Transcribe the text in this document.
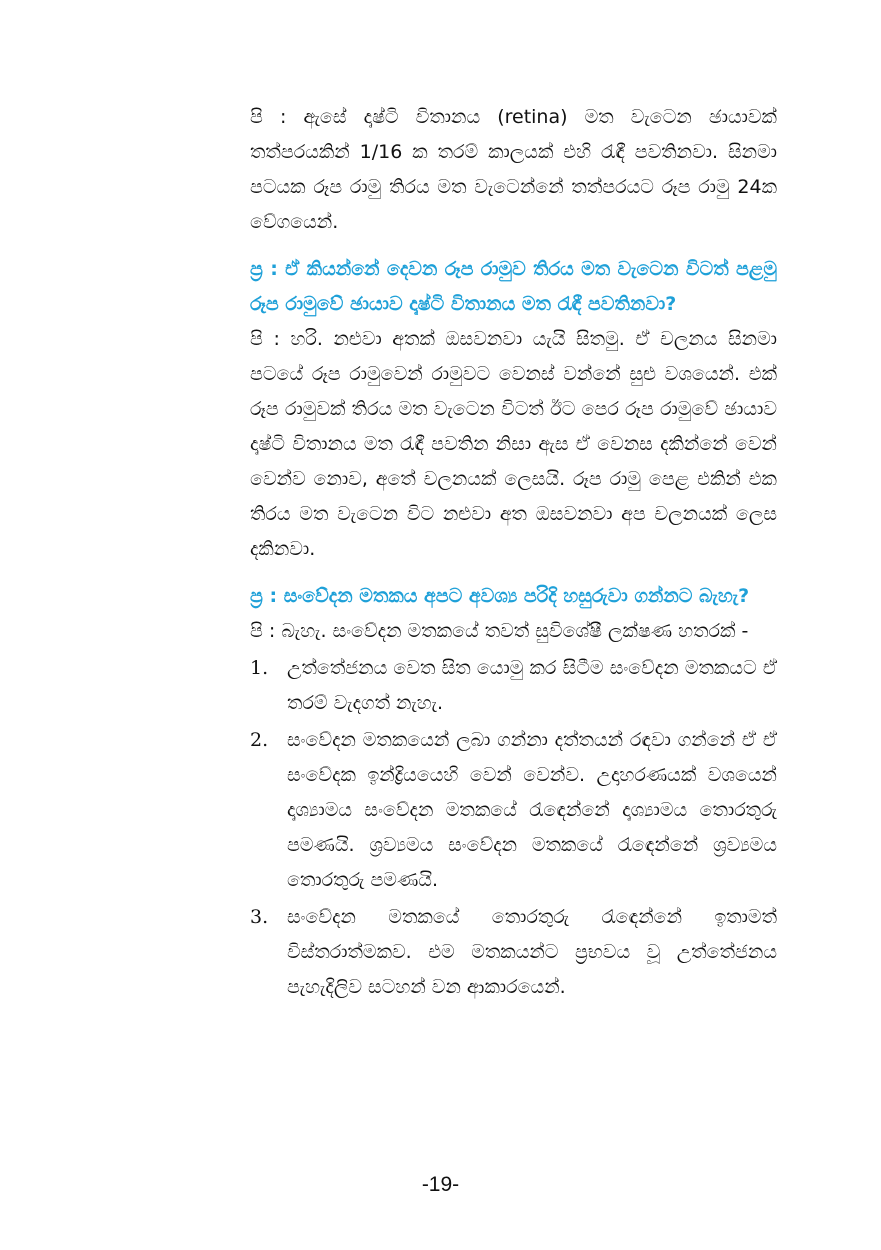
පි : ඇසේ දෘෂ්ටි විතානය (retina) මත වැටෙන ඡායාවක් තත්පරයකින් 1/16 ක තරම් කාලයක් එහි රැඳී පවතිනවා. සිනමා පටයක රූප රාමු තිරය මත වැටෙන්නේ තත්පරයට රූප රාමු 24ක වේගයෙන්.

ප්‍ර : ඒ කියන්නේ දෙවන රූප රාමුව තිරය මත වැටෙන විටත් පළමු රූප රාමුවේ ඡායාව දෘෂ්ටි විතානය මත රැඳී පවතිනවා?

පි : හරි. නළුවා අතක් ඔසවනවා යැයි සිතමු. ඒ චලනය සිනමා පටයේ රූප රාමුවෙන් රාමුවට වෙනස් වන්නේ සුළු වශයෙන්. එක් රූප රාමුවක් තිරය මත වැටෙන විටත් ඊට පෙර රූප රාමුවේ ඡායාව දෘෂ්ටි විතානය මත රැඳී පවතින නිසා ඇස ඒ වෙනස දකින්නේ වෙන් වෙන්ව නොව, අතේ චලනයක් ලෙසයි. රූප රාමු පෙළ එකින් එක තිරය මත වැටෙන විට නළුවා අත ඔසවනවා අප චලනයක් ලෙස දකිනවා.

ප්‍ර : සංවේදන මතකය අපට අවශ්‍ය පරිදි හසුරුවා ගන්නට බැහැ?

පි : බැහැ. සංවේදන මතකයේ තවත් සුවිශේෂී ලක්ෂණ හතරක් -

1. උත්තේජනය වෙත සිත යොමු කර සිටීම සංවේදන මතකයට ඒ තරම් වැදගත් නැහැ.
2. සංවේදන මතකයෙන් ලබා ගන්නා දත්තයන් රඳවා ගන්නේ ඒ ඒ සංවේදක ඉන්ද්‍රියයෙහි වෙන් වෙන්ව. උදාහරණයක් වශයෙන් දෘශ්‍යාමය සංවේදන මතකයේ රැඳෙන්නේ දෘශ්‍යාමය තොරතුරු පමණයි. ශ්‍රව්‍යමය සංවේදන මතකයේ රැඳෙන්නේ ශ්‍රව්‍යමය තොරතුරු පමණයි.
3. සංවේදන මතකයේ තොරතුරු රැඳෙන්නේ ඉතාමත් විස්තරාත්මකව. එම මතකයන්ට ප්‍රභවය වූ උත්තේජනය පැහැදිලිව සටහන් වන ආකාරයෙන්.
-19-
